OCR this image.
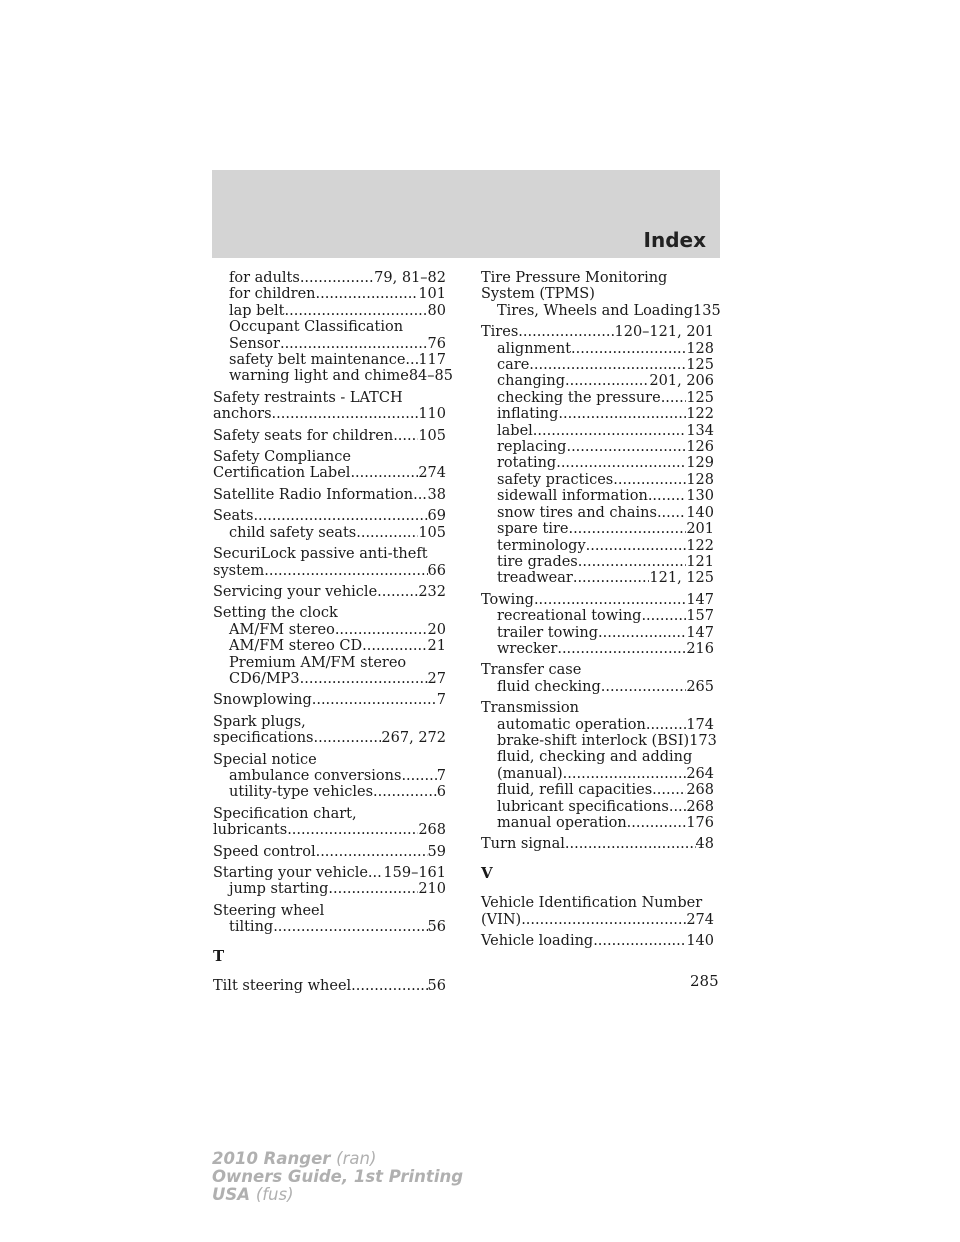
Index
for adults .....	79, 81–82
for children .....	101
lap belt .....	80
Occupant Classification
Sensor .....	76
safety belt maintenance ..... 117
warning light and chime 84–85
Safety restraints - LATCH
anchors .....	110
Safety seats for children ..... 105
Safety Compliance
Certification Label .....	274
Satellite Radio Information ..... 38
Seats .....	69
child safety seats .....	105
SecuriLock passive anti-theft
system .....	66
Servicing your vehicle .....	232
Setting the clock
AM/FM stereo .....	20
AM/FM stereo CD .....	21
Premium AM/FM stereo
CD6/MP3 .....	27
Snowplowing .....	7
Spark plugs,
specifications .....	267, 272
Special notice
ambulance conversions ..... 7
utility-type vehicles .....	6
Specification chart,
lubricants .....	268
Speed control .....	59
Starting your vehicle ..... 159–161
jump starting .....	210
Steering wheel
tilting .....	56
T
Tilt steering wheel .....	56
Tire Pressure Monitoring
System (TPMS)
Tires, Wheels and Loading 135
Tires .....	120–121, 201
alignment .....	128
care .....	125
changing .....	201, 206
checking the pressure ..... 125
inflating .....	122
label .....	134
replacing .....	126
rotating .....	129
safety practices .....	128
sidewall information .....	130
snow tires and chains ..... 140
spare tire .....	201
terminology .....	122
tire grades .....	121
treadwear .....	121, 125
Towing .....	147
recreational towing .....	157
trailer towing .....	147
wrecker .....	216
Transfer case
fluid checking .....	265
Transmission
automatic operation .....	174
brake-shift interlock (BSI) 173
fluid, checking and adding
(manual) .....	264
fluid, refill capacities ..... 268
lubricant specifications ..... 268
manual operation .....	176
Turn signal .....	48
V
Vehicle Identification Number
(VIN) .....	274
Vehicle loading .....	140
285
2010 Ranger (ran)
Owners Guide, 1st Printing
USA (fus)
